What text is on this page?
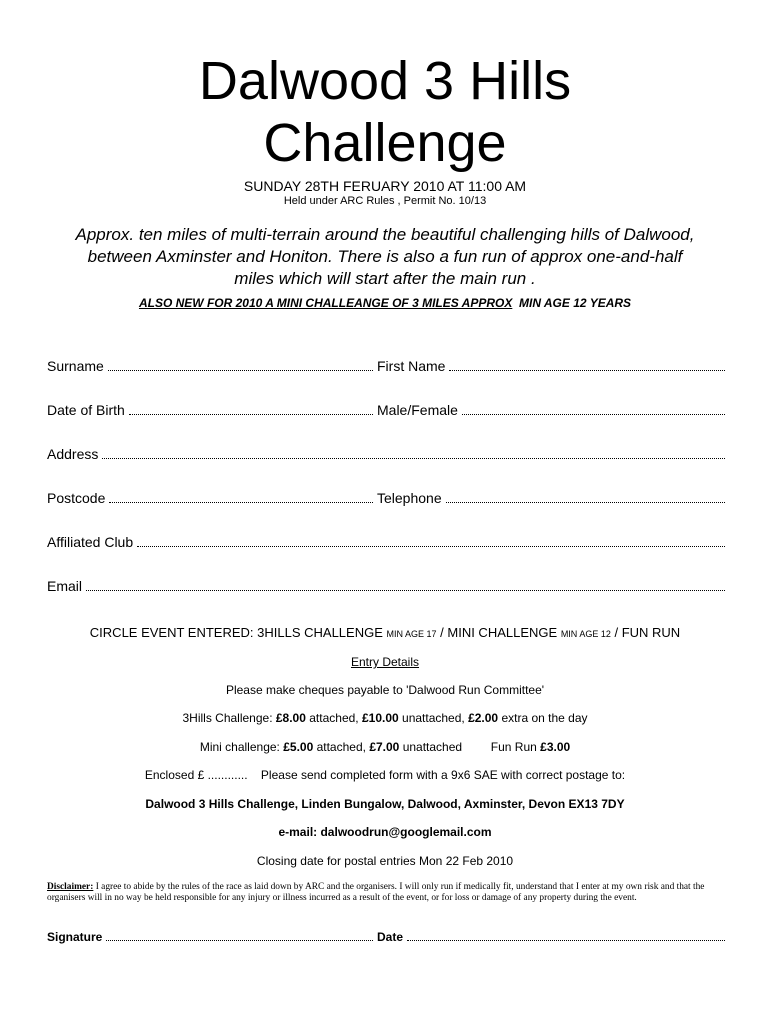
Dalwood 3 Hills
Challenge
SUNDAY 28TH FERUARY 2010 AT 11:00 AM
Held under ARC Rules , Permit No. 10/13
Approx. ten miles of multi-terrain around the beautiful challenging hills of Dalwood,
between Axminster and Honiton. There is also a fun run of approx one-and-half
miles which will start after the main run .
ALSO NEW FOR 2010 A MINI CHALLEANGE OF 3 MILES APPROX MIN AGE 12 YEARS
Surname	First Name
Date of Birth	Male/Female
Address
Postcode	Telephone
Affiliated Club
Email
CIRCLE EVENT ENTERED: 3HILLS CHALLENGE MIN AGE 17 / MINI CHALLENGE MIN AGE 12 / FUN RUN
Entry Details
Please make cheques payable to 'Dalwood Run Committee'
3Hills Challenge: £8.00 attached, £10.00 unattached, £2.00 extra on the day
Mini challenge: £5.00 attached, £7.00 unattached Fun Run £3.00
Enclosed £ ............    Please send completed form with a 9x6 SAE with correct postage to:
Dalwood 3 Hills Challenge, Linden Bungalow, Dalwood, Axminster, Devon EX13 7DY
e-mail: dalwoodrun@googlemail.com
Closing date for postal entries Mon 22 Feb 2010
Disclaimer: I agree to abide by the rules of the race as laid down by ARC and the organisers. I will only run if medically fit, understand that I enter at my own risk and that the organisers will in no way be held responsible for any injury or illness incurred as a result of the event, or for loss or damage of any property during the event.
Signature	Date
